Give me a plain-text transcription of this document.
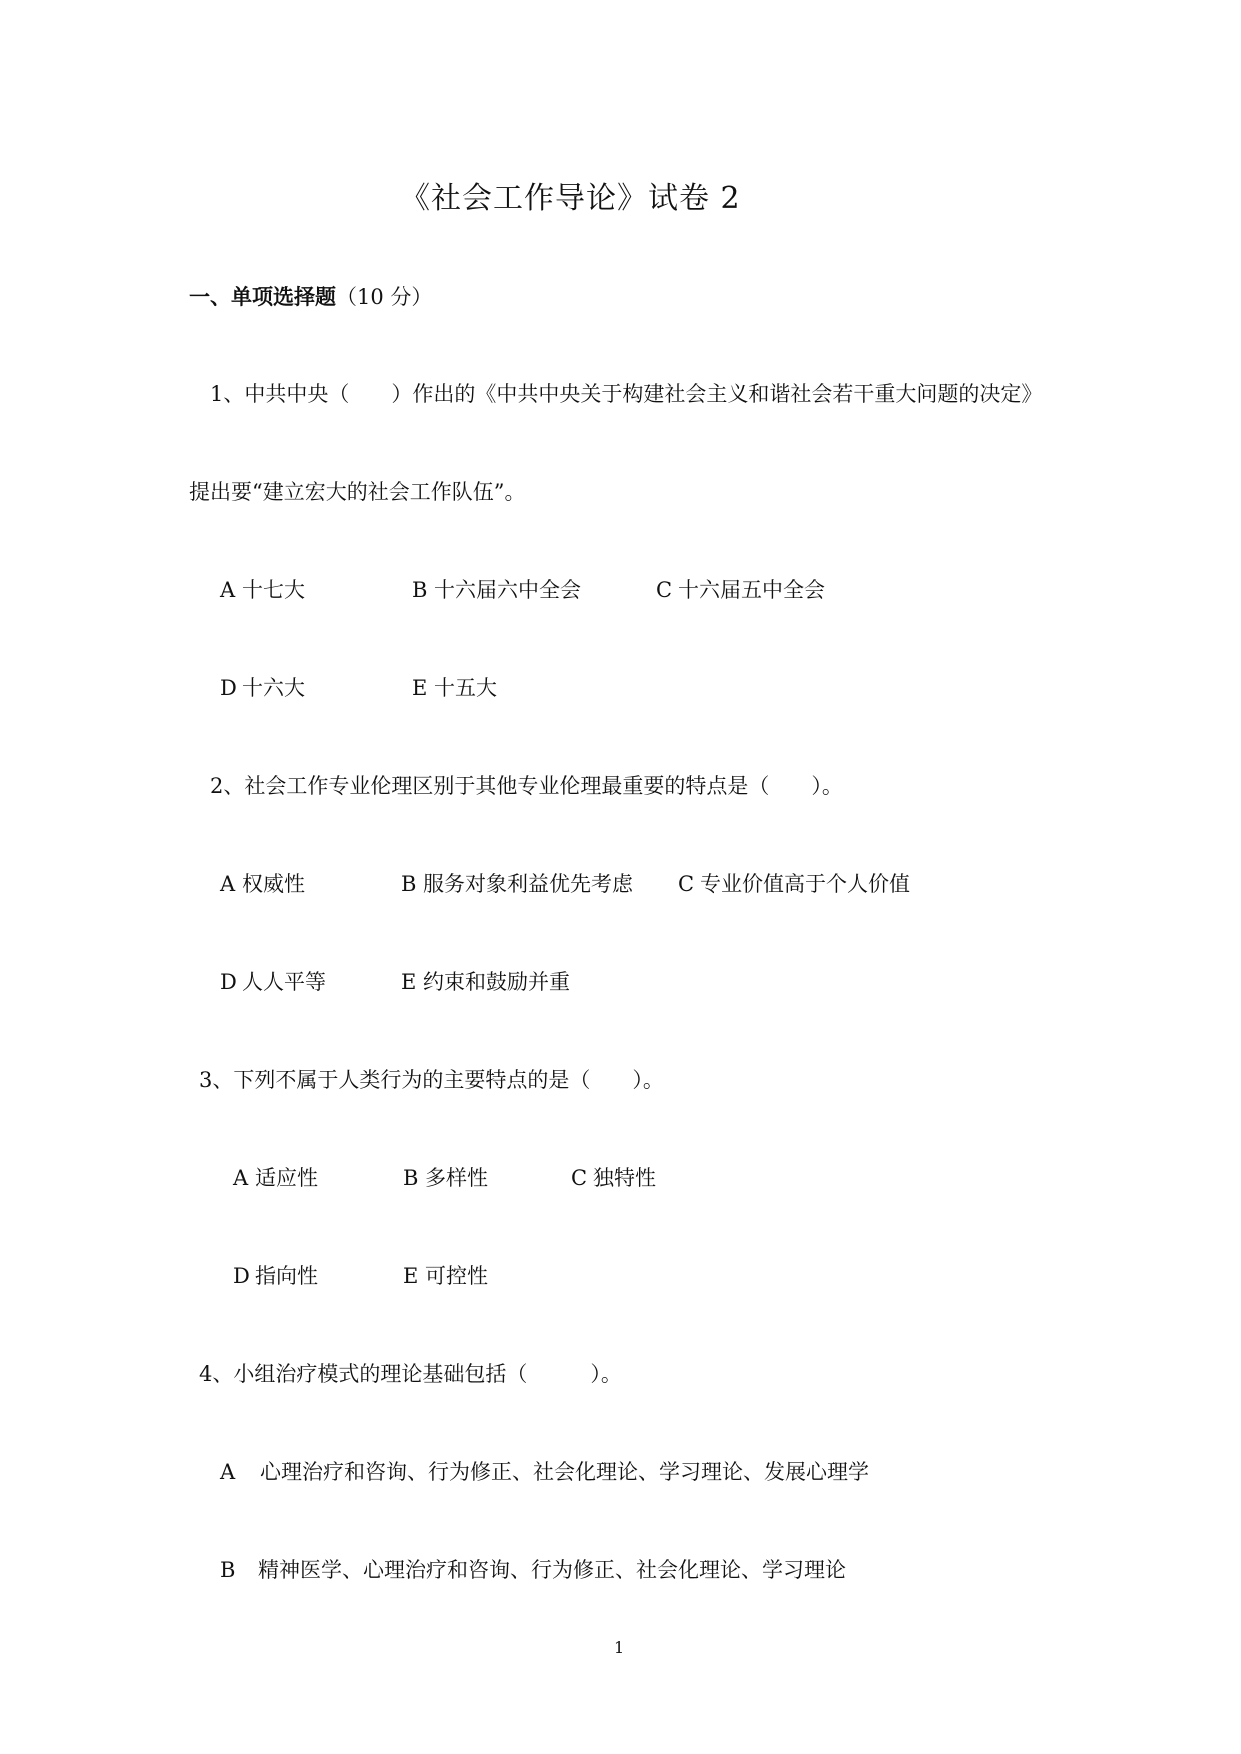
《社会工作导论》试卷 2
一、单项选择题（10 分）
1、中共中央（　　）作出的《中共中央关于构建社会主义和谐社会若干重大问题的决定》
提出要“建立宏大的社会工作队伍”。
A 十七大	B 十六届六中全会	C 十六届五中全会
D 十六大	E 十五大
2、社会工作专业伦理区别于其他专业伦理最重要的特点是（　　）。
A 权威性	B 服务对象利益优先考虑 C 专业价值高于个人价值
D 人人平等	E 约束和鼓励并重
3、下列不属于人类行为的主要特点的是（　　）。
A 适应性	B 多样性	C 独特性
D 指向性	E 可控性
4、小组治疗模式的理论基础包括（　　　）。
A 心理治疗和咨询、行为修正、社会化理论、学习理论、发展心理学
B 精神医学、心理治疗和咨询、行为修正、社会化理论、学习理论
1
